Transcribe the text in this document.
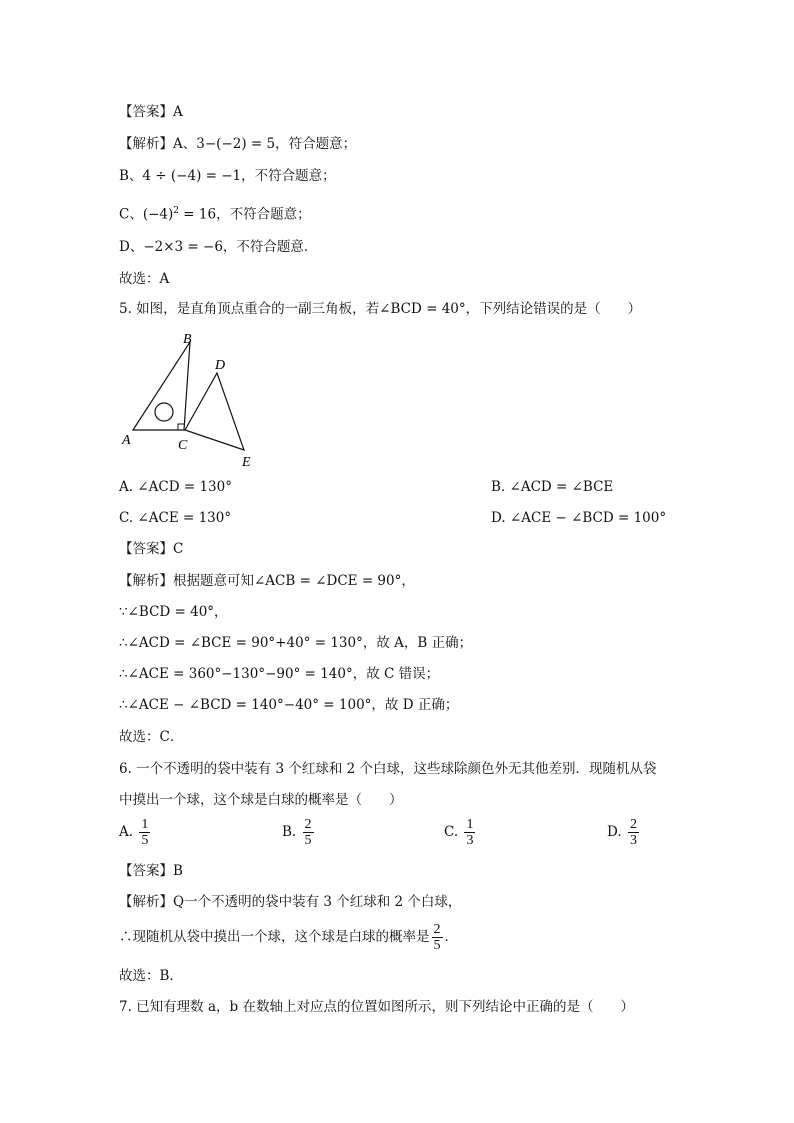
【答案】A
【解析】A、3−(−2) = 5，符合题意；
B、4 ÷ (−4) = −1，不符合题意；
C、$(-4)^2 = 16$，不符合题意；
D、−2×3 = −6，不符合题意．
故选：A
5. 如图，是直角顶点重合的一副三角板，若∠BCD = 40°，下列结论错误的是（　　）
A
B
C
D
E
A. ∠ACD = 130°	B. ∠ACD = ∠BCE
C. ∠ACE = 130°	D. ∠ACE − ∠BCD = 100°
【答案】C
【解析】根据题意可知∠ACB = ∠DCE = 90°，
∵∠BCD = 40°，
∴∠ACD = ∠BCE = 90°+40° = 130°，故 A，B 正确；
∴∠ACE = 360°−130°−90° = 140°，故 C 错误；
∴∠ACE − ∠BCD = 140°−40° = 100°，故 D 正确；
故选：C．
6. 一个不透明的袋中装有 3 个红球和 2 个白球，这些球除颜色外无其他差别．现随机从袋
中摸出一个球，这个球是白球的概率是（　　）
A. $\frac{1}{5}$	B. $\frac{2}{5}$	C. $\frac{1}{3}$	D. $\frac{2}{3}$
【答案】B
【解析】Q一个不透明的袋中装有 3 个红球和 2 个白球，
∴现随机从袋中摸出一个球，这个球是白球的概率是 $\frac{2}{5}$ ．
故选：B．
7. 已知有理数 a，b 在数轴上对应点的位置如图所示，则下列结论中正确的是（　　）
